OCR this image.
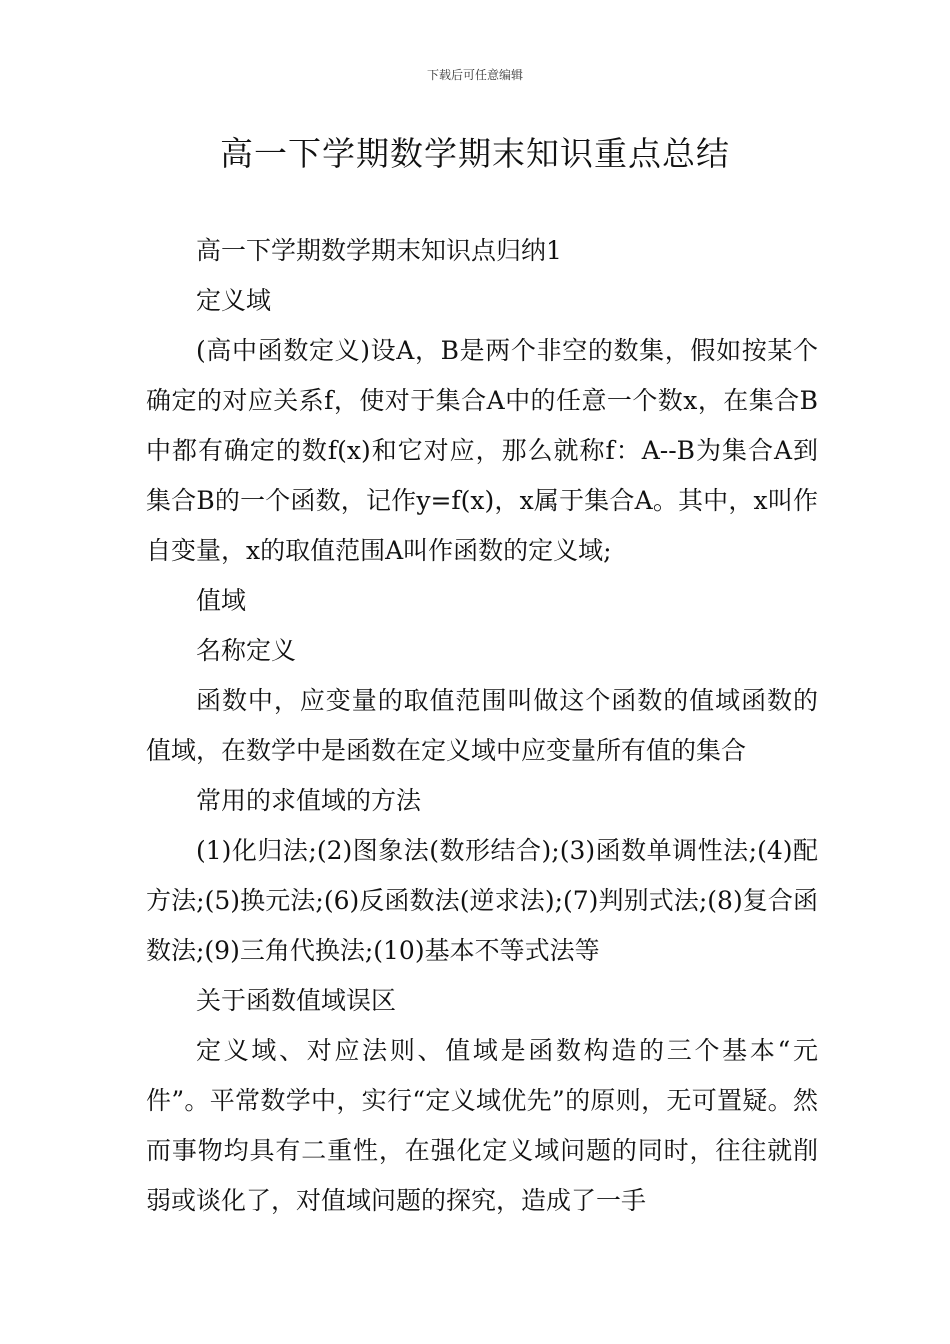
下载后可任意编辑
高一下学期数学期末知识重点总结

高一下学期数学期末知识点归纳1

定义域

(高中函数定义)设A，B是两个非空的数集，假如按某个确定的对应关系f，使对于集合A中的任意一个数x，在集合B中都有确定的数f(x)和它对应，那么就称f：A--B为集合A到集合B的一个函数，记作y=f(x)，x属于集合A。其中，x叫作自变量，x的取值范围A叫作函数的定义域;

值域

名称定义

函数中，应变量的取值范围叫做这个函数的值域函数的值域，在数学中是函数在定义域中应变量所有值的集合

常用的求值域的方法

(1)化归法;(2)图象法(数形结合);(3)函数单调性法;(4)配方法;(5)换元法;(6)反函数法(逆求法);(7)判别式法;(8)复合函数法;(9)三角代换法;(10)基本不等式法等

关于函数值域误区

定义域、对应法则、值域是函数构造的三个基本“元件”。平常数学中，实行“定义域优先”的原则，无可置疑。然而事物均具有二重性，在强化定义域问题的同时，往往就削弱或谈化了，对值域问题的探究，造成了一手
